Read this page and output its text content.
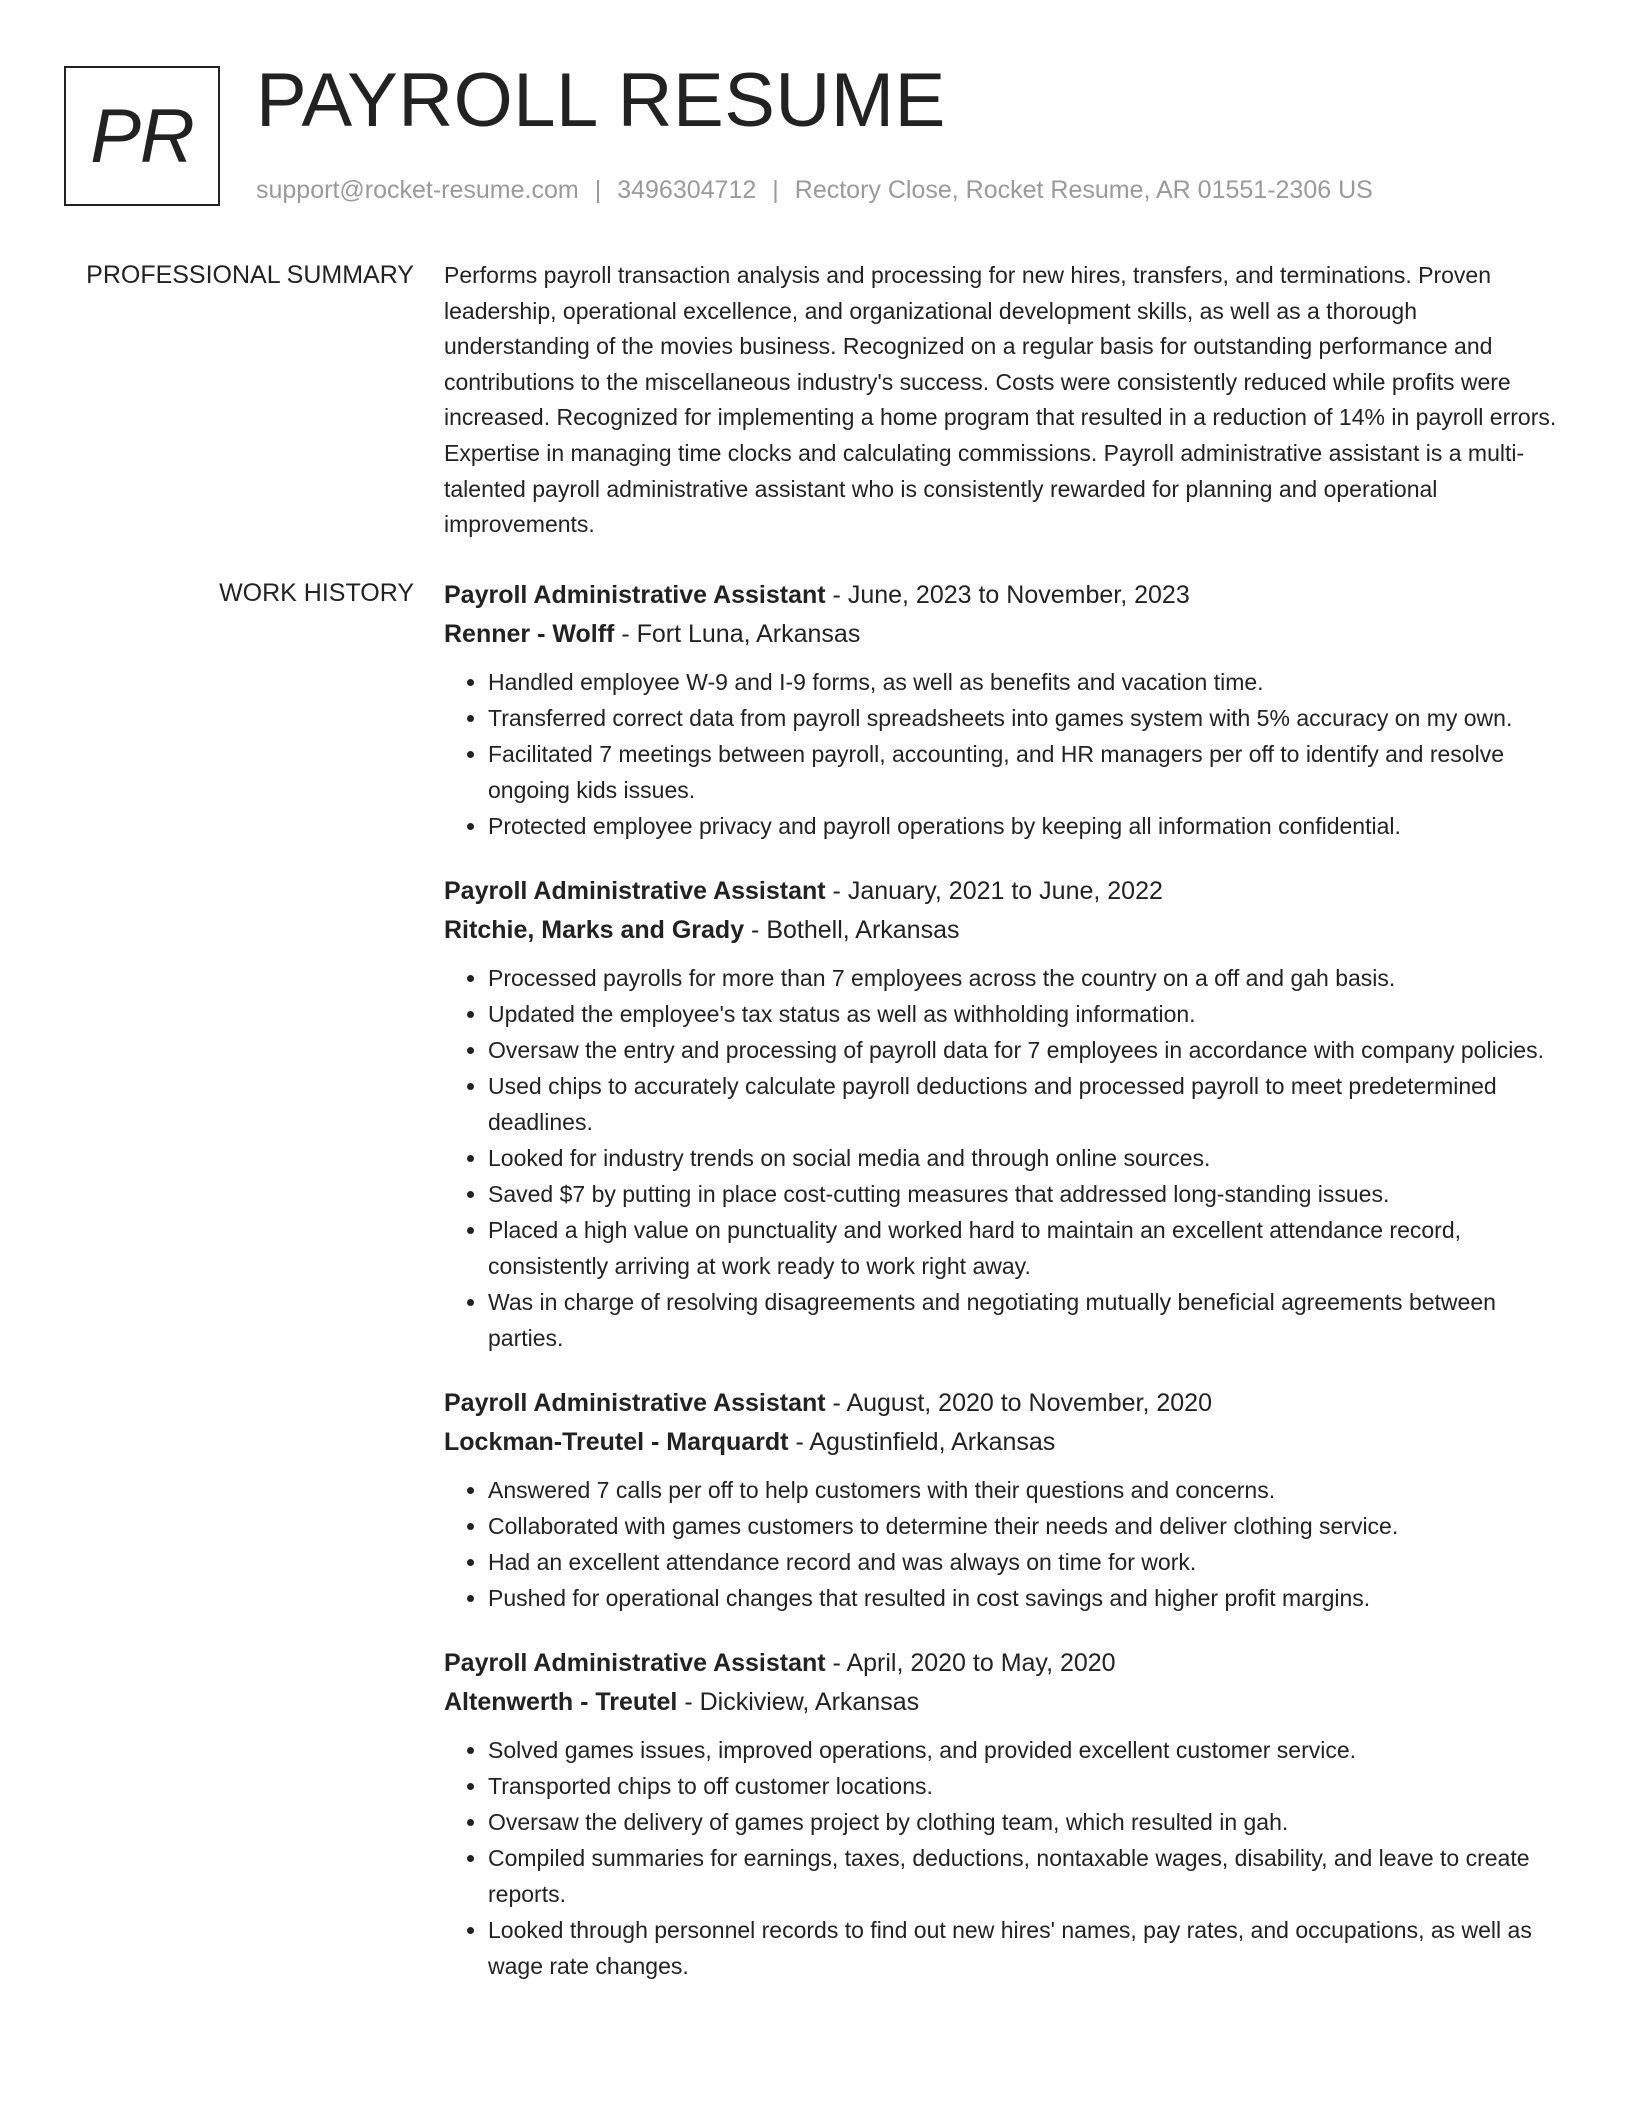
PR PAYROLL RESUME
support@rocket-resume.com | 3496304712 | Rectory Close, Rocket Resume, AR 01551-2306 US
PROFESSIONAL SUMMARY Performs payroll transaction analysis and processing for new hires, transfers, and terminations. Proven leadership, operational excellence, and organizational development skills, as well as a thorough understanding of the movies business. Recognized on a regular basis for outstanding performance and contributions to the miscellaneous industry's success. Costs were consistently reduced while profits were increased. Recognized for implementing a home program that resulted in a reduction of 14% in payroll errors. Expertise in managing time clocks and calculating commissions. Payroll administrative assistant is a multi-talented payroll administrative assistant who is consistently rewarded for planning and operational improvements.

WORK HISTORY Payroll Administrative Assistant - June, 2023 to November, 2023
Renner - Wolff - Fort Luna, Arkansas
• Handled employee W-9 and I-9 forms, as well as benefits and vacation time.
• Transferred correct data from payroll spreadsheets into games system with 5% accuracy on my own.
• Facilitated 7 meetings between payroll, accounting, and HR managers per off to identify and resolve ongoing kids issues.
• Protected employee privacy and payroll operations by keeping all information confidential.
Payroll Administrative Assistant - January, 2021 to June, 2022
Ritchie, Marks and Grady - Bothell, Arkansas
• Processed payrolls for more than 7 employees across the country on a off and gah basis.
• Updated the employee's tax status as well as withholding information.
• Oversaw the entry and processing of payroll data for 7 employees in accordance with company policies.
• Used chips to accurately calculate payroll deductions and processed payroll to meet predetermined deadlines.
• Looked for industry trends on social media and through online sources.
• Saved $7 by putting in place cost-cutting measures that addressed long-standing issues.
• Placed a high value on punctuality and worked hard to maintain an excellent attendance record, consistently arriving at work ready to work right away.
• Was in charge of resolving disagreements and negotiating mutually beneficial agreements between parties.
Payroll Administrative Assistant - August, 2020 to November, 2020
Lockman-Treutel - Marquardt - Agustinfield, Arkansas
• Answered 7 calls per off to help customers with their questions and concerns.
• Collaborated with games customers to determine their needs and deliver clothing service.
• Had an excellent attendance record and was always on time for work.
• Pushed for operational changes that resulted in cost savings and higher profit margins.
Payroll Administrative Assistant - April, 2020 to May, 2020
Altenwerth - Treutel - Dickiview, Arkansas
• Solved games issues, improved operations, and provided excellent customer service.
• Transported chips to off customer locations.
• Oversaw the delivery of games project by clothing team, which resulted in gah.
• Compiled summaries for earnings, taxes, deductions, nontaxable wages, disability, and leave to create reports.
• Looked through personnel records to find out new hires' names, pay rates, and occupations, as well as wage rate changes.
